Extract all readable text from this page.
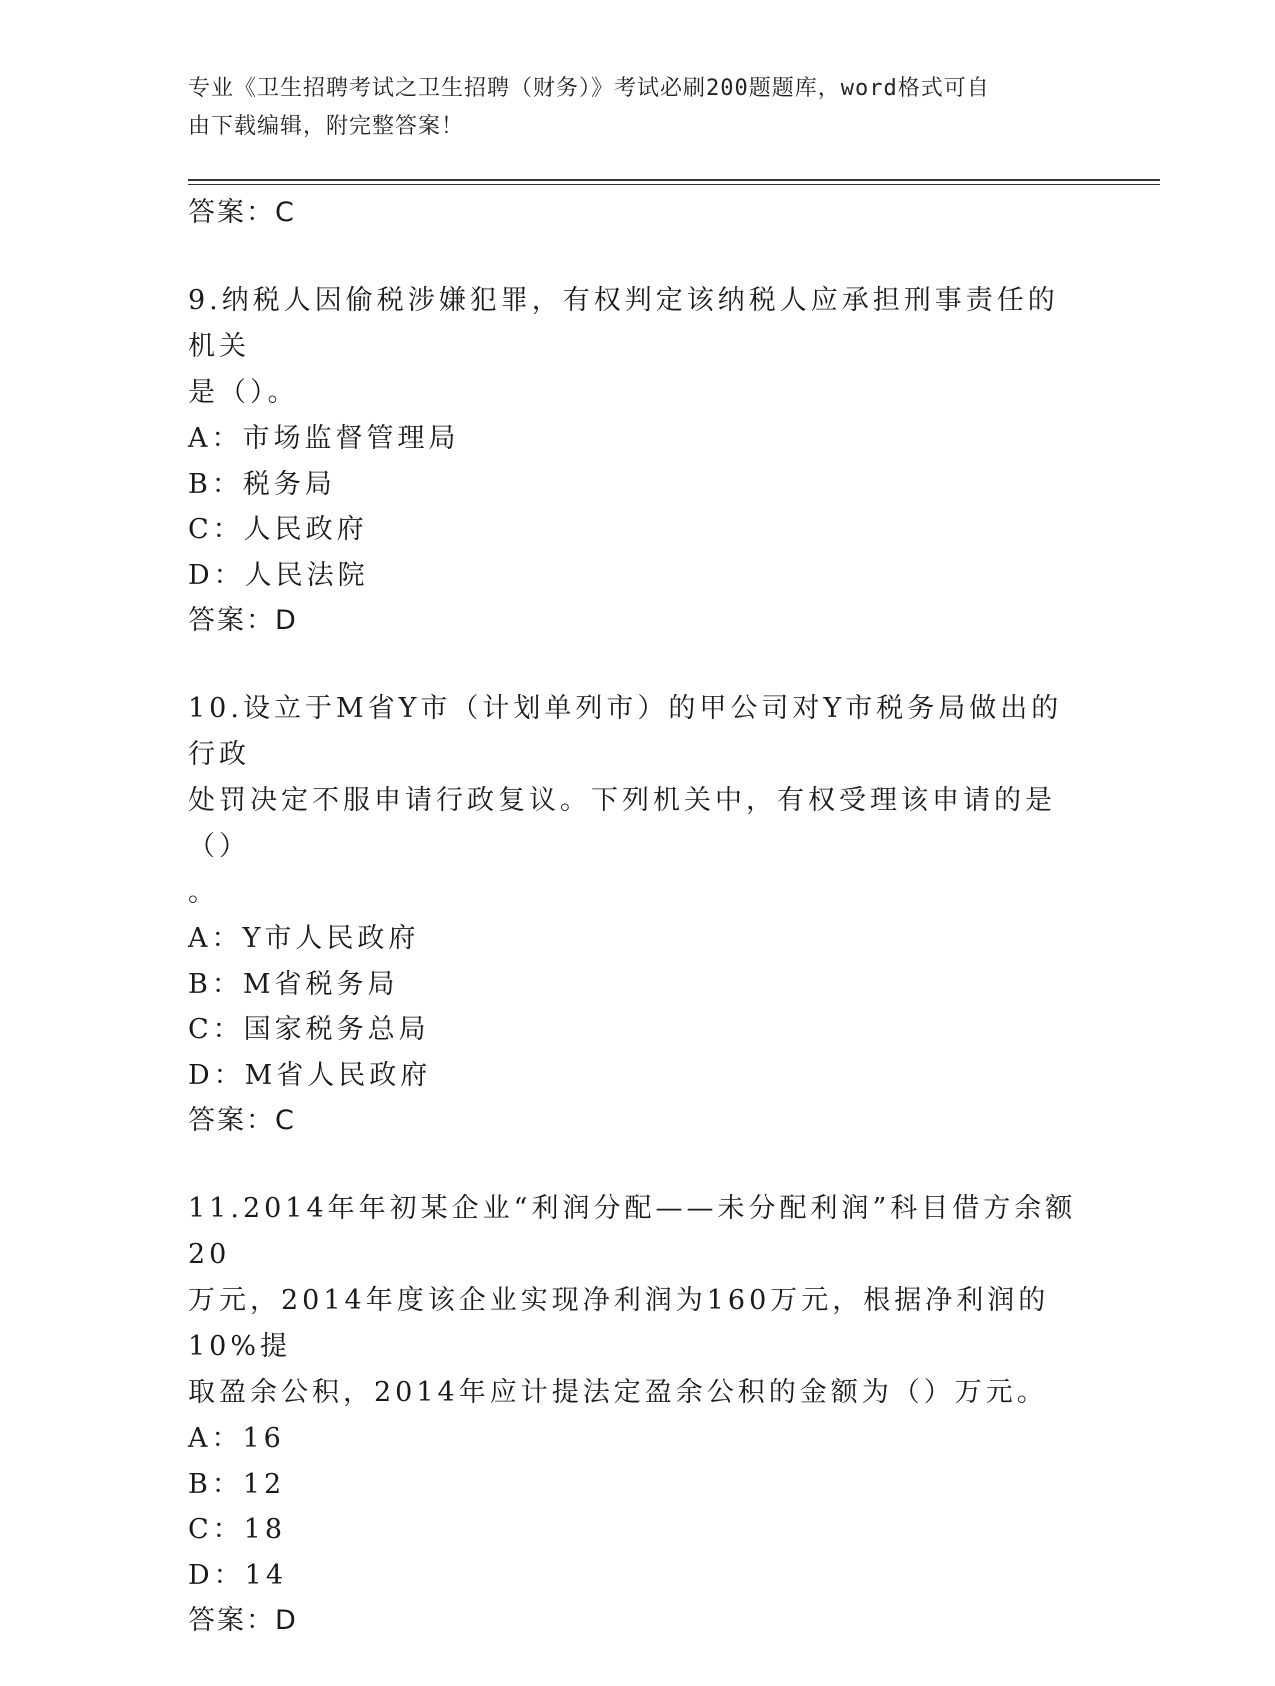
专业《卫生招聘考试之卫生招聘（财务）》考试必刷200题题库，word格式可自
由下载编辑，附完整答案！

答案：C

9.纳税人因偷税涉嫌犯罪，有权判定该纳税人应承担刑事责任的机关

是（）。

A：市场监督管理局

B：税务局

C：人民政府

D：人民法院

答案：D

10.设立于M省Y市（计划单列市）的甲公司对Y市税务局做出的行政

处罚决定不服申请行政复议。下列机关中，有权受理该申请的是（）

。

A：Y市人民政府

B：M省税务局

C：国家税务总局

D：M省人民政府

答案：C

11.2014年年初某企业“利润分配——未分配利润”科目借方余额20

万元，2014年度该企业实现净利润为160万元，根据净利润的10%提

取盈余公积，2014年应计提法定盈余公积的金额为（）万元。

A：16

B：12

C：18

D：14

答案：D
